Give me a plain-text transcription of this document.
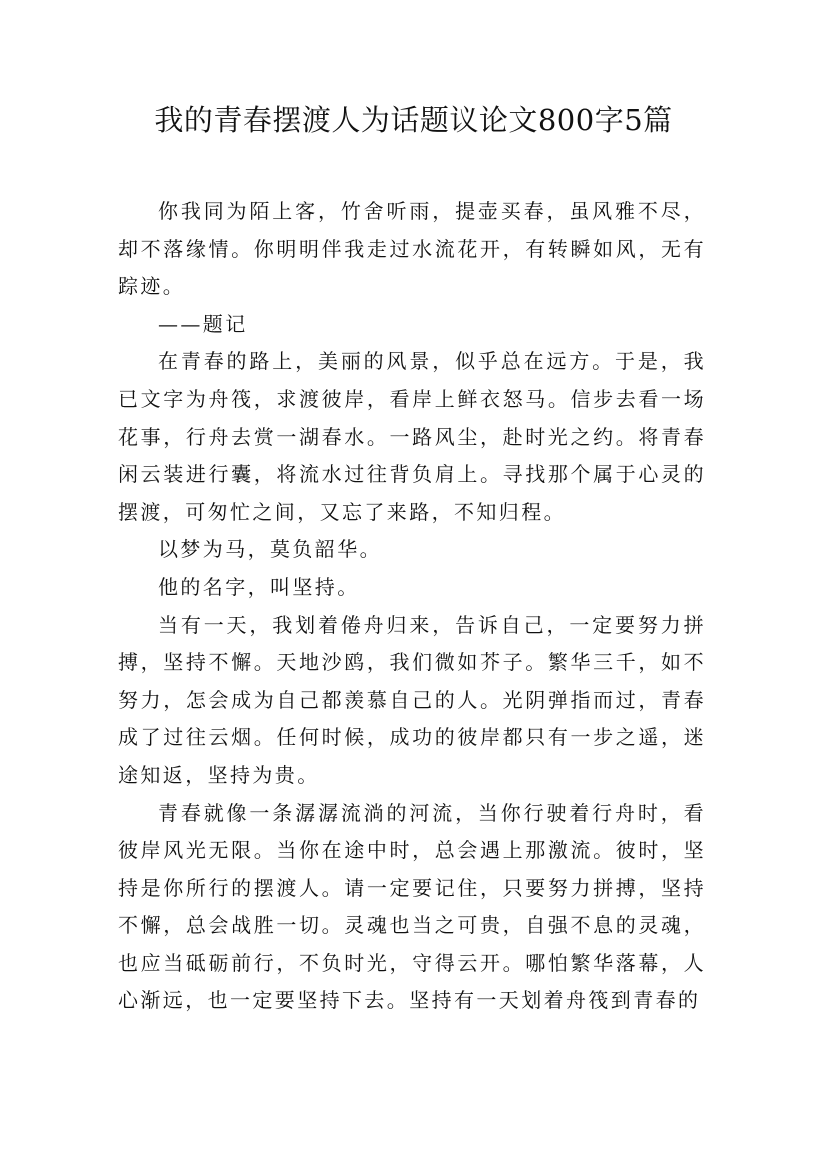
我的青春摆渡人为话题议论文800字5篇

你我同为陌上客，竹舍听雨，提壶买春，虽风雅不尽，却不落缘情。你明明伴我走过水流花开，有转瞬如风，无有踪迹。

——题记

在青春的路上，美丽的风景，似乎总在远方。于是，我已文字为舟筏，求渡彼岸，看岸上鲜衣怒马。信步去看一场花事，行舟去赏一湖春水。一路风尘，赴时光之约。将青春闲云装进行囊，将流水过往背负肩上。寻找那个属于心灵的摆渡，可匆忙之间，又忘了来路，不知归程。

以梦为马，莫负韶华。

他的名字，叫坚持。

当有一天，我划着倦舟归来，告诉自己，一定要努力拼搏，坚持不懈。天地沙鸥，我们微如芥子。繁华三千，如不努力，怎会成为自己都羡慕自己的人。光阴弹指而过，青春成了过往云烟。任何时候，成功的彼岸都只有一步之遥，迷途知返，坚持为贵。

青春就像一条潺潺流淌的河流，当你行驶着行舟时，看彼岸风光无限。当你在途中时，总会遇上那激流。彼时，坚持是你所行的摆渡人。请一定要记住，只要努力拼搏，坚持不懈，总会战胜一切。灵魂也当之可贵，自强不息的灵魂，也应当砥砺前行，不负时光，守得云开。哪怕繁华落幕，人心渐远，也一定要坚持下去。坚持有一天划着舟筏到青春的
